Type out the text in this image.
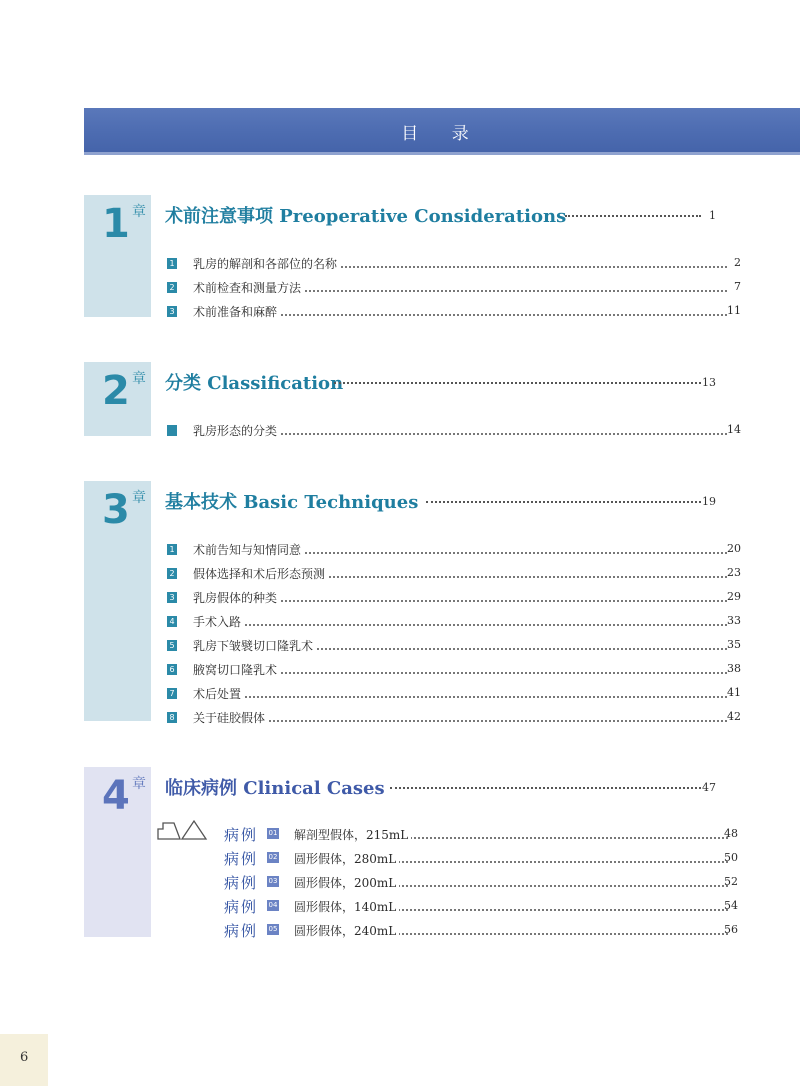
目 录
1 章 术前注意事项 Preoperative Considerations	1
1 乳房的解剖和各部位的名称	2
2 术前检查和测量方法	7
3 术前准备和麻醉	11
2 章 分类 Classification	13
乳房形态的分类	14
3 章 基本技术 Basic Techniques	19
1 术前告知与知情同意	20
2 假体选择和术后形态预测	23
3 乳房假体的种类	29
4 手术入路	33
5 乳房下皱襞切口隆乳术	35
6 腋窝切口隆乳术	38
7 术后处置	41
8 关于硅胶假体	42
4 章 临床病例 Clinical Cases	47
病例 01 解剖型假体，215mL	48
病例 02 圆形假体，280mL	50
病例 03 圆形假体，200mL	52
病例 04 圆形假体，140mL	54
病例 05 圆形假体，240mL	56
6
